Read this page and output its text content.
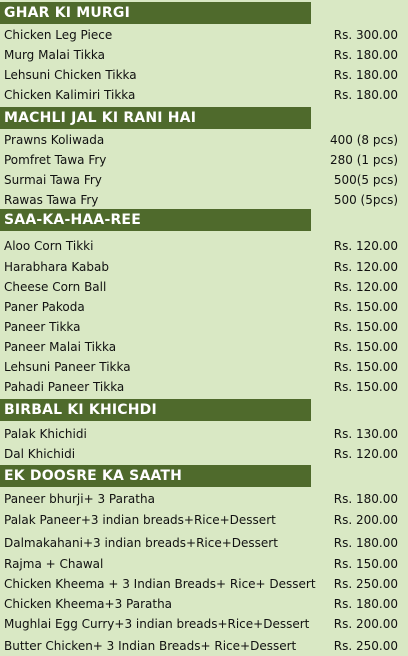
GHAR KI MURGI
Chicken Leg Piece	Rs. 300.00
Murg Malai Tikka	Rs. 180.00
Lehsuni Chicken Tikka	Rs. 180.00
Chicken Kalimiri Tikka	Rs. 180.00
MACHLI JAL KI RANI HAI
Prawns Koliwada	400 (8 pcs)
Pomfret Tawa Fry	280 (1 pcs)
Surmai Tawa Fry	500(5 pcs)
Rawas Tawa Fry	500 (5pcs)
SAA-KA-HAA-REE
Aloo Corn Tikki	Rs. 120.00
Harabhara Kabab	Rs. 120.00
Cheese Corn Ball	Rs. 120.00
Paner Pakoda	Rs. 150.00
Paneer Tikka	Rs. 150.00
Paneer Malai Tikka	Rs. 150.00
Lehsuni Paneer Tikka	Rs. 150.00
Pahadi Paneer Tikka	Rs. 150.00
BIRBAL KI KHICHDI
Palak Khichidi	Rs. 130.00
Dal Khichidi	Rs. 120.00
EK DOOSRE KA SAATH
Paneer bhurji+ 3 Paratha	Rs. 180.00
Palak Paneer+3 indian breads+Rice+Dessert	Rs. 200.00
Dalmakahani+3 indian breads+Rice+Dessert	Rs. 180.00
Rajma + Chawal	Rs. 150.00
Chicken Kheema + 3 Indian Breads+ Rice+ Dessert Rs. 250.00
Chicken Kheema+3 Paratha	Rs. 180.00
Mughlai Egg Curry+3 indian breads+Rice+Dessert Rs. 200.00
Butter Chicken+ 3 Indian Breads+ Rice+Dessert	Rs. 250.00
